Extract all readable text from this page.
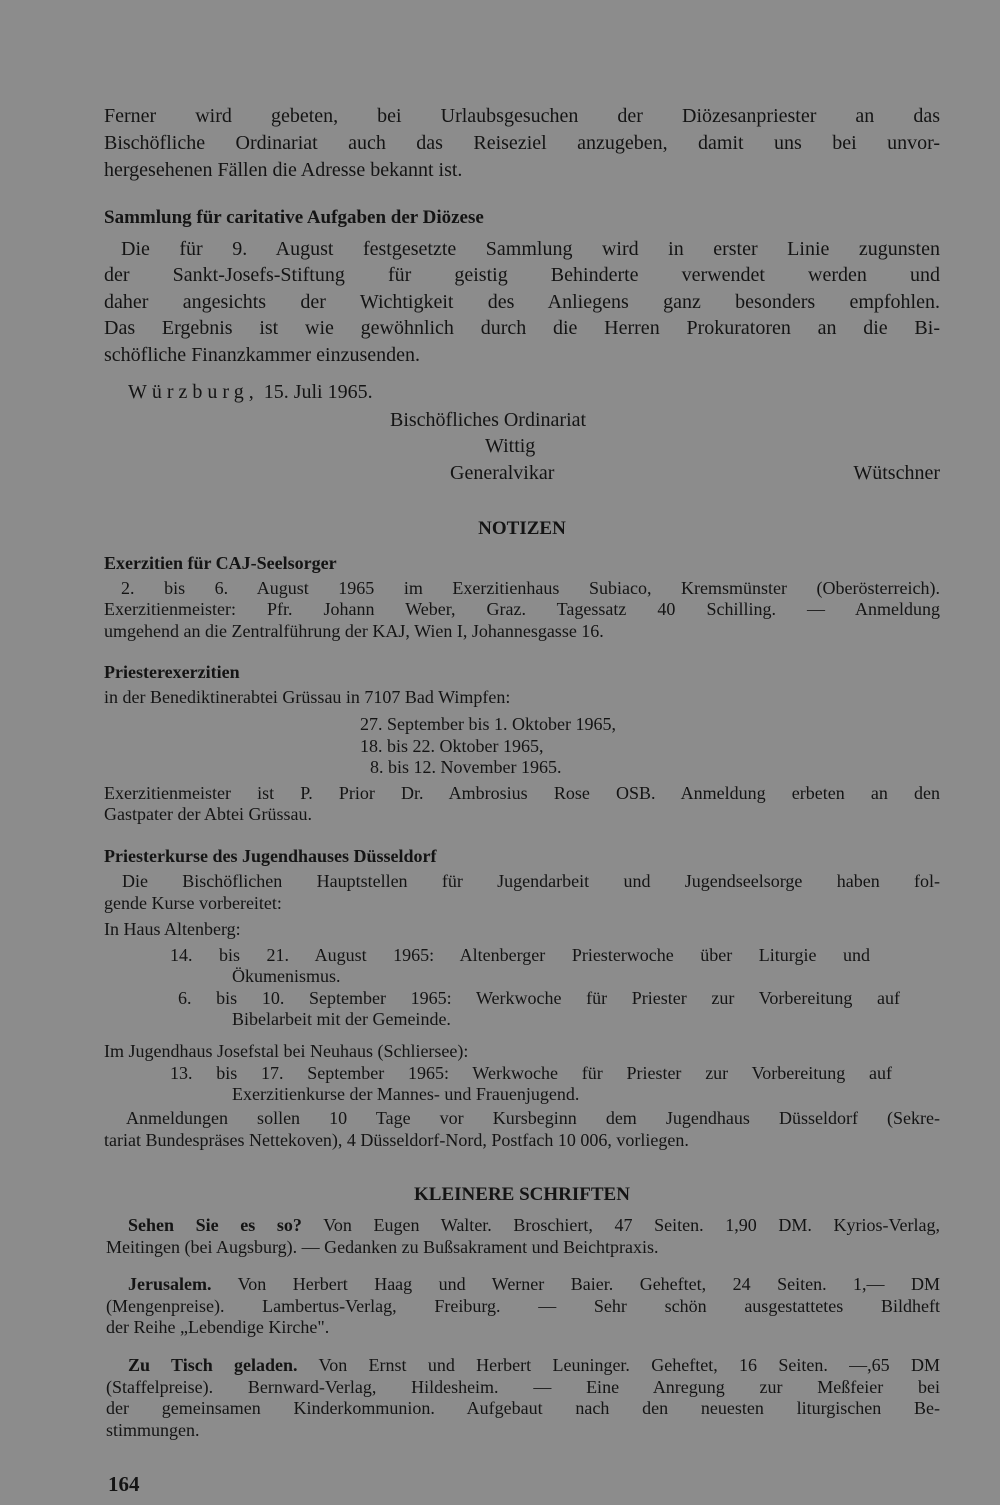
Ferner wird gebeten, bei Urlaubsgesuchen der Diözesanpriester an das
Bischöfliche Ordinariat auch das Reiseziel anzugeben, damit uns bei unvor-
hergesehenen Fällen die Adresse bekannt ist.
Sammlung für caritative Aufgaben der Diözese
Die für 9. August festgesetzte Sammlung wird in erster Linie zugunsten
der Sankt-Josefs-Stiftung für geistig Behinderte verwendet werden und
daher angesichts der Wichtigkeit des Anliegens ganz besonders empfohlen.
Das Ergebnis ist wie gewöhnlich durch die Herren Prokuratoren an die Bi-
schöfliche Finanzkammer einzusenden.
Würzburg, 15. Juli 1965.
Bischöfliches Ordinariat
Wittig
Generalvikar	Wütschner
NOTIZEN
Exerzitien für CAJ-Seelsorger
2. bis 6. August 1965 im Exerzitienhaus Subiaco, Kremsmünster (Oberösterreich).
Exerzitienmeister: Pfr. Johann Weber, Graz. Tagessatz 40 Schilling. — Anmeldung
umgehend an die Zentralführung der KAJ, Wien I, Johannesgasse 16.
Priesterexerzitien
in der Benediktinerabtei Grüssau in 7107 Bad Wimpfen:
27. September bis 1. Oktober 1965,
18. bis 22. Oktober 1965,
8. bis 12. November 1965.
Exerzitienmeister ist P. Prior Dr. Ambrosius Rose OSB. Anmeldung erbeten an den
Gastpater der Abtei Grüssau.
Priesterkurse des Jugendhauses Düsseldorf
Die Bischöflichen Hauptstellen für Jugendarbeit und Jugendseelsorge haben fol-
gende Kurse vorbereitet:
In Haus Altenberg:
14. bis 21. August 1965: Altenberger Priesterwoche über Liturgie und
Ökumenismus.
6. bis 10. September 1965: Werkwoche für Priester zur Vorbereitung auf
Bibelarbeit mit der Gemeinde.
Im Jugendhaus Josefstal bei Neuhaus (Schliersee):
13. bis 17. September 1965: Werkwoche für Priester zur Vorbereitung auf
Exerzitienkurse der Mannes- und Frauenjugend.
Anmeldungen sollen 10 Tage vor Kursbeginn dem Jugendhaus Düsseldorf (Sekre-
tariat Bundespräses Nettekoven), 4 Düsseldorf-Nord, Postfach 10 006, vorliegen.
KLEINERE SCHRIFTEN
Sehen Sie es so? Von Eugen Walter. Broschiert, 47 Seiten. 1,90 DM. Kyrios-Verlag,
Meitingen (bei Augsburg). — Gedanken zu Bußsakrament und Beichtpraxis.
Jerusalem. Von Herbert Haag und Werner Baier. Geheftet, 24 Seiten. 1,— DM
(Mengenpreise). Lambertus-Verlag, Freiburg. — Sehr schön ausgestattetes Bildheft
der Reihe „Lebendige Kirche".
Zu Tisch geladen. Von Ernst und Herbert Leuninger. Geheftet, 16 Seiten. —,65 DM
(Staffelpreise). Bernward-Verlag, Hildesheim. — Eine Anregung zur Meßfeier bei
der gemeinsamen Kinderkommunion. Aufgebaut nach den neuesten liturgischen Be-
stimmungen.
164
